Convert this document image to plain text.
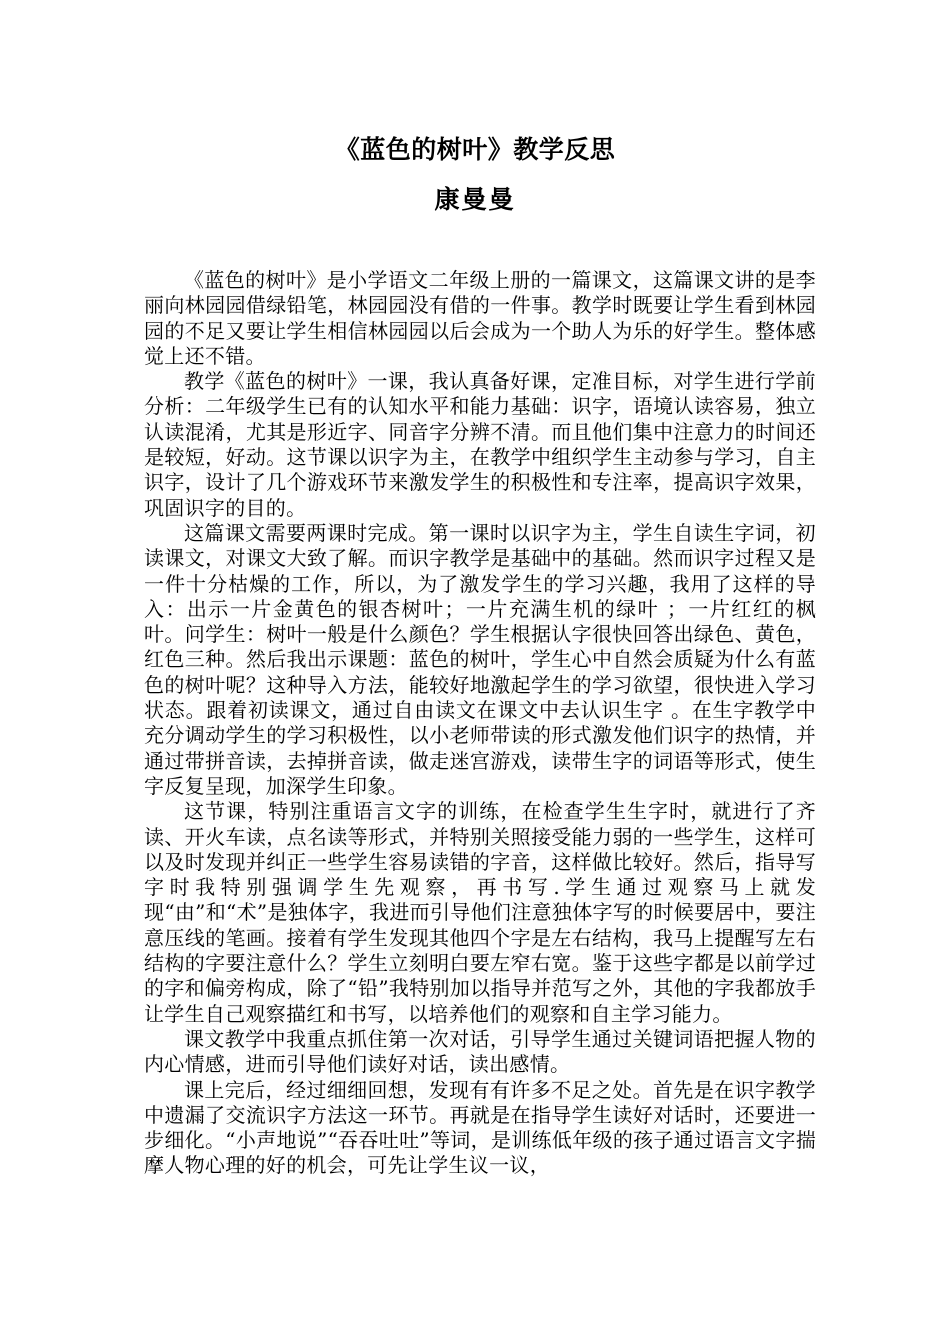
《蓝色的树叶》教学反思
康曼曼

《蓝色的树叶》是小学语文二年级上册的一篇课文，这篇课文讲的是李丽向林园园借绿铅笔，林园园没有借的一件事。教学时既要让学生看到林园园的不足又要让学生相信林园园以后会成为一个助人为乐的好学生。整体感觉上还不错。

教学《蓝色的树叶》一课，我认真备好课，定准目标，对学生进行学前分析：二年级学生已有的认知水平和能力基础：识字，语境认读容易，独立认读混淆，尤其是形近字、同音字分辨不清。而且他们集中注意力的时间还是较短，好动。这节课以识字为主，在教学中组织学生主动参与学习，自主识字，设计了几个游戏环节来激发学生的积极性和专注率，提高识字效果，巩固识字的目的。

这篇课文需要两课时完成。第一课时以识字为主，学生自读生字词，初读课文，对课文大致了解。而识字教学是基础中的基础。然而识字过程又是一件十分枯燥的工作，所以，为了激发学生的学习兴趣，我用了这样的导入：出示一片金黄色的银杏树叶；一片充满生机的绿叶 ；一片红红的枫叶。问学生：树叶一般是什么颜色？学生根据认字很快回答出绿色、黄色，红色三种。然后我出示课题：蓝色的树叶，学生心中自然会质疑为什么有蓝色的树叶呢？这种导入方法，能较好地激起学生的学习欲望，很快进入学习状态。跟着初读课文，通过自由读文在课文中去认识生字 。在生字教学中充分调动学生的学习积极性，以小老师带读的形式激发他们识字的热情，并通过带拼音读，去掉拼音读，做走迷宫游戏，读带生字的词语等形式，使生字反复呈现，加深学生印象。

这节课，特别注重语言文字的训练，在检查学生生字时，就进行了齐读、开火车读，点名读等形式，并特别关照接受能力弱的一些学生，这样可以及时发现并纠正一些学生容易读错的字音，这样做比较好。然后，指导写字时我特别强调学生先观察，再书写.学生通过观察马上就发现“由”和“术”是独体字，我进而引导他们注意独体字写的时候要居中，要注意压线的笔画。接着有学生发现其他四个字是左右结构，我马上提醒写左右结构的字要注意什么？学生立刻明白要左窄右宽。鉴于这些字都是以前学过的字和偏旁构成，除了“铅”我特别加以指导并范写之外，其他的字我都放手让学生自己观察描红和书写，以培养他们的观察和自主学习能力。

课文教学中我重点抓住第一次对话，引导学生通过关键词语把握人物的内心情感，进而引导他们读好对话，读出感情。

课上完后，经过细细回想，发现有有许多不足之处。首先是在识字教学中遗漏了交流识字方法这一环节。再就是在指导学生读好对话时，还要进一步细化。“小声地说”“吞吞吐吐”等词，是训练低年级的孩子通过语言文字揣摩人物心理的好的机会，可先让学生议一议，
